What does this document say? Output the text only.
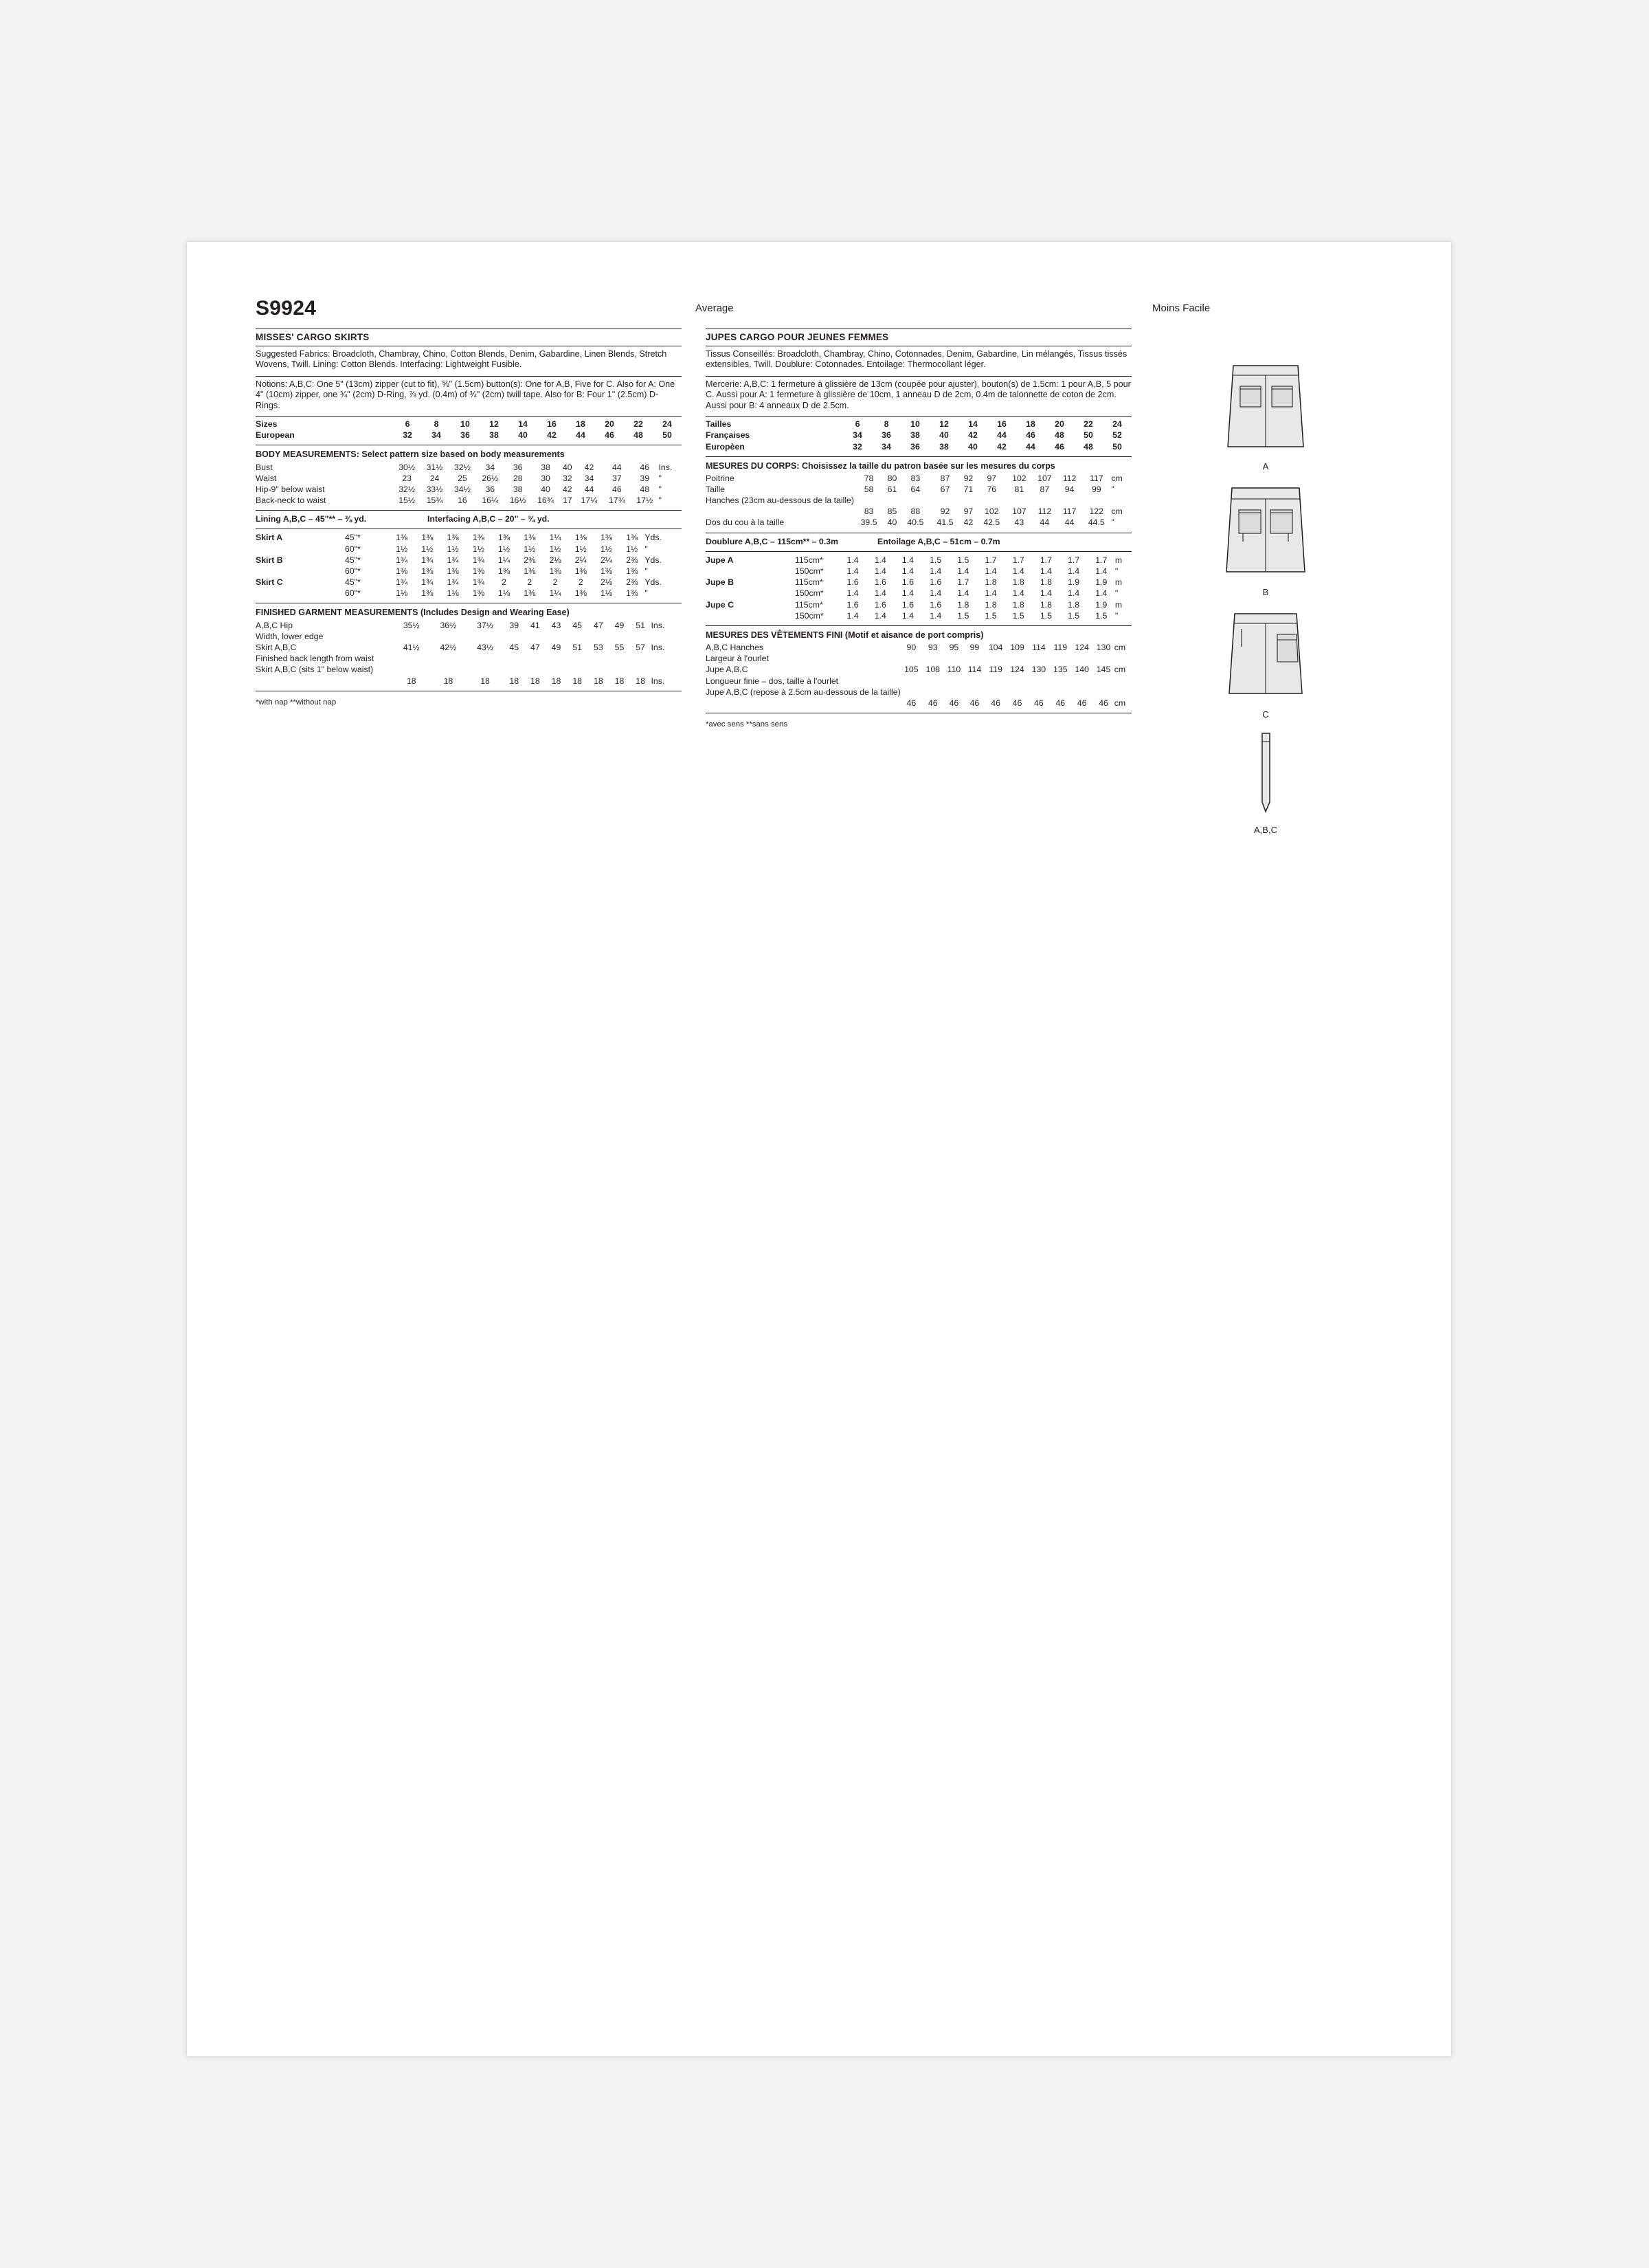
S9924	Average	Moins Facile
MISSES' CARGO SKIRTS

Suggested Fabrics: Broadcloth, Chambray, Chino, Cotton Blends, Denim, Gabardine, Linen Blends, Stretch Wovens, Twill. Lining: Cotton Blends. Interfacing: Lightweight Fusible.

Notions: A,B,C: One 5" (13cm) zipper (cut to fit), ⅝" (1.5cm) button(s): One for A,B, Five for C. Also for A: One 4" (10cm) zipper, one ¾" (2cm) D-Ring, ⅞ yd. (0.4m) of ¾" (2cm) twill tape. Also for B: Four 1" (2.5cm) D-Rings.

Sizes	6	8	10	12	14	16	18	20	22	24	
European	32	34	36	38	40	42	44	46	48	50	
BODY MEASUREMENTS: Select pattern size based on body measurements
Bust	30½	31½	32½	34	36	38	40	42	44	46	Ins.
Waist	23	24	25	26½	28	30	32	34	37	39	"
Hip-9" below waist	32½	33½	34½	36	38	40	42	44	46	48	"
Back-neck to waist	15½	15¾	16	16¼	16½	16¾	17	17¼	17¾	17½	"
Lining A,B,C – 45"** – ⅜ yd.	Interfacing A,B,C – 20" – ¾ yd.
Skirt A	45"*	1⅜	1⅜	1⅜	1⅜	1⅜	1⅜	1¼	1⅜	1⅜	1⅜	Yds.
	60"*	1½	1½	1½	1½	1½	1½	1½	1½	1½	1½	"
Skirt B	45"*	1¾	1¾	1¾	1¾	1¼	2⅜	2⅛	2¼	2¼	2⅜	Yds.
	60"*	1⅜	1⅜	1⅜	1⅜	1⅜	1⅜	1⅜	1⅜	1⅜	1⅜	"
Skirt C	45"*	1¾	1¾	1¾	1¾	2	2	2	2	2⅛	2⅜	Yds.
	60"*	1⅛	1⅜	1⅛	1⅜	1⅛	1⅜	1¼	1⅜	1⅛	1⅜	"
FINISHED GARMENT MEASUREMENTS (Includes Design and Wearing Ease)
A,B,C Hip	35½	36½	37½	39	41	43	45	47	49	51	Ins.
Width, lower edge											
Skirt A,B,C	41½	42½	43½	45	47	49	51	53	55	57	Ins.
Finished back length from waist											
Skirt A,B,C (sits 1" below waist)											
	18	18	18	18	18	18	18	18	18	18	Ins.
*with nap **without nap
JUPES CARGO POUR JEUNES FEMMES

Tissus Conseillés: Broadcloth, Chambray, Chino, Cotonnades, Denim, Gabardine, Lin mélangés, Tissus tissés extensibles, Twill. Doublure: Cotonnades. Entoilage: Thermocollant léger.

Mercerie: A,B,C: 1 fermeture à glissière de 13cm (coupée pour ajuster), bouton(s) de 1.5cm: 1 pour A,B, 5 pour C. Aussi pour A: 1 fermeture à glissière de 10cm, 1 anneau D de 2cm, 0.4m de talonnette de coton de 2cm. Aussi pour B: 4 anneaux D de 2.5cm.

Tailles	6	8	10	12	14	16	18	20	22	24	
Françaises	34	36	38	40	42	44	46	48	50	52	
Europèen	32	34	36	38	40	42	44	46	48	50	
MESURES DU CORPS: Choisissez la taille du patron basée sur les mesures du corps
Poitrine	78	80	83	87	92	97	102	107	112	117	cm
Taille	58	61	64	67	71	76	81	87	94	99	"
Hanches (23cm au-dessous de la taille)											
	83	85	88	92	97	102	107	112	117	122	cm
Dos du cou à la taille	39.5	40	40.5	41.5	42	42.5	43	44	44	44.5	"
Doublure A,B,C – 115cm** – 0.3m	Entoilage A,B,C – 51cm – 0.7m
Jupe A	115cm*	1.4	1.4	1.4	1.5	1.5	1.7	1.7	1.7	1.7	1.7	m
	150cm*	1.4	1.4	1.4	1.4	1.4	1.4	1.4	1.4	1.4	1.4	"
Jupe B	115cm*	1.6	1.6	1.6	1.6	1.7	1.8	1.8	1.8	1.9	1.9	m
	150cm*	1.4	1.4	1.4	1.4	1.4	1.4	1.4	1.4	1.4	1.4	"
Jupe C	115cm*	1.6	1.6	1.6	1.6	1.8	1.8	1.8	1.8	1.8	1.9	m
	150cm*	1.4	1.4	1.4	1.4	1.5	1.5	1.5	1.5	1.5	1.5	"
MESURES DES VÊTEMENTS FINI (Motif et aisance de port compris)
A,B,C Hanches	90	93	95	99	104	109	114	119	124	130	cm
Largeur à l'ourlet											
Jupe A,B,C	105	108	110	114	119	124	130	135	140	145	cm
Longueur finie – dos, taille à l'ourlet											
Jupe A,B,C (repose à 2.5cm au-dessous de la taille)											
	46	46	46	46	46	46	46	46	46	46	cm
*avec sens **sans sens
A
B
C
A,B,C
